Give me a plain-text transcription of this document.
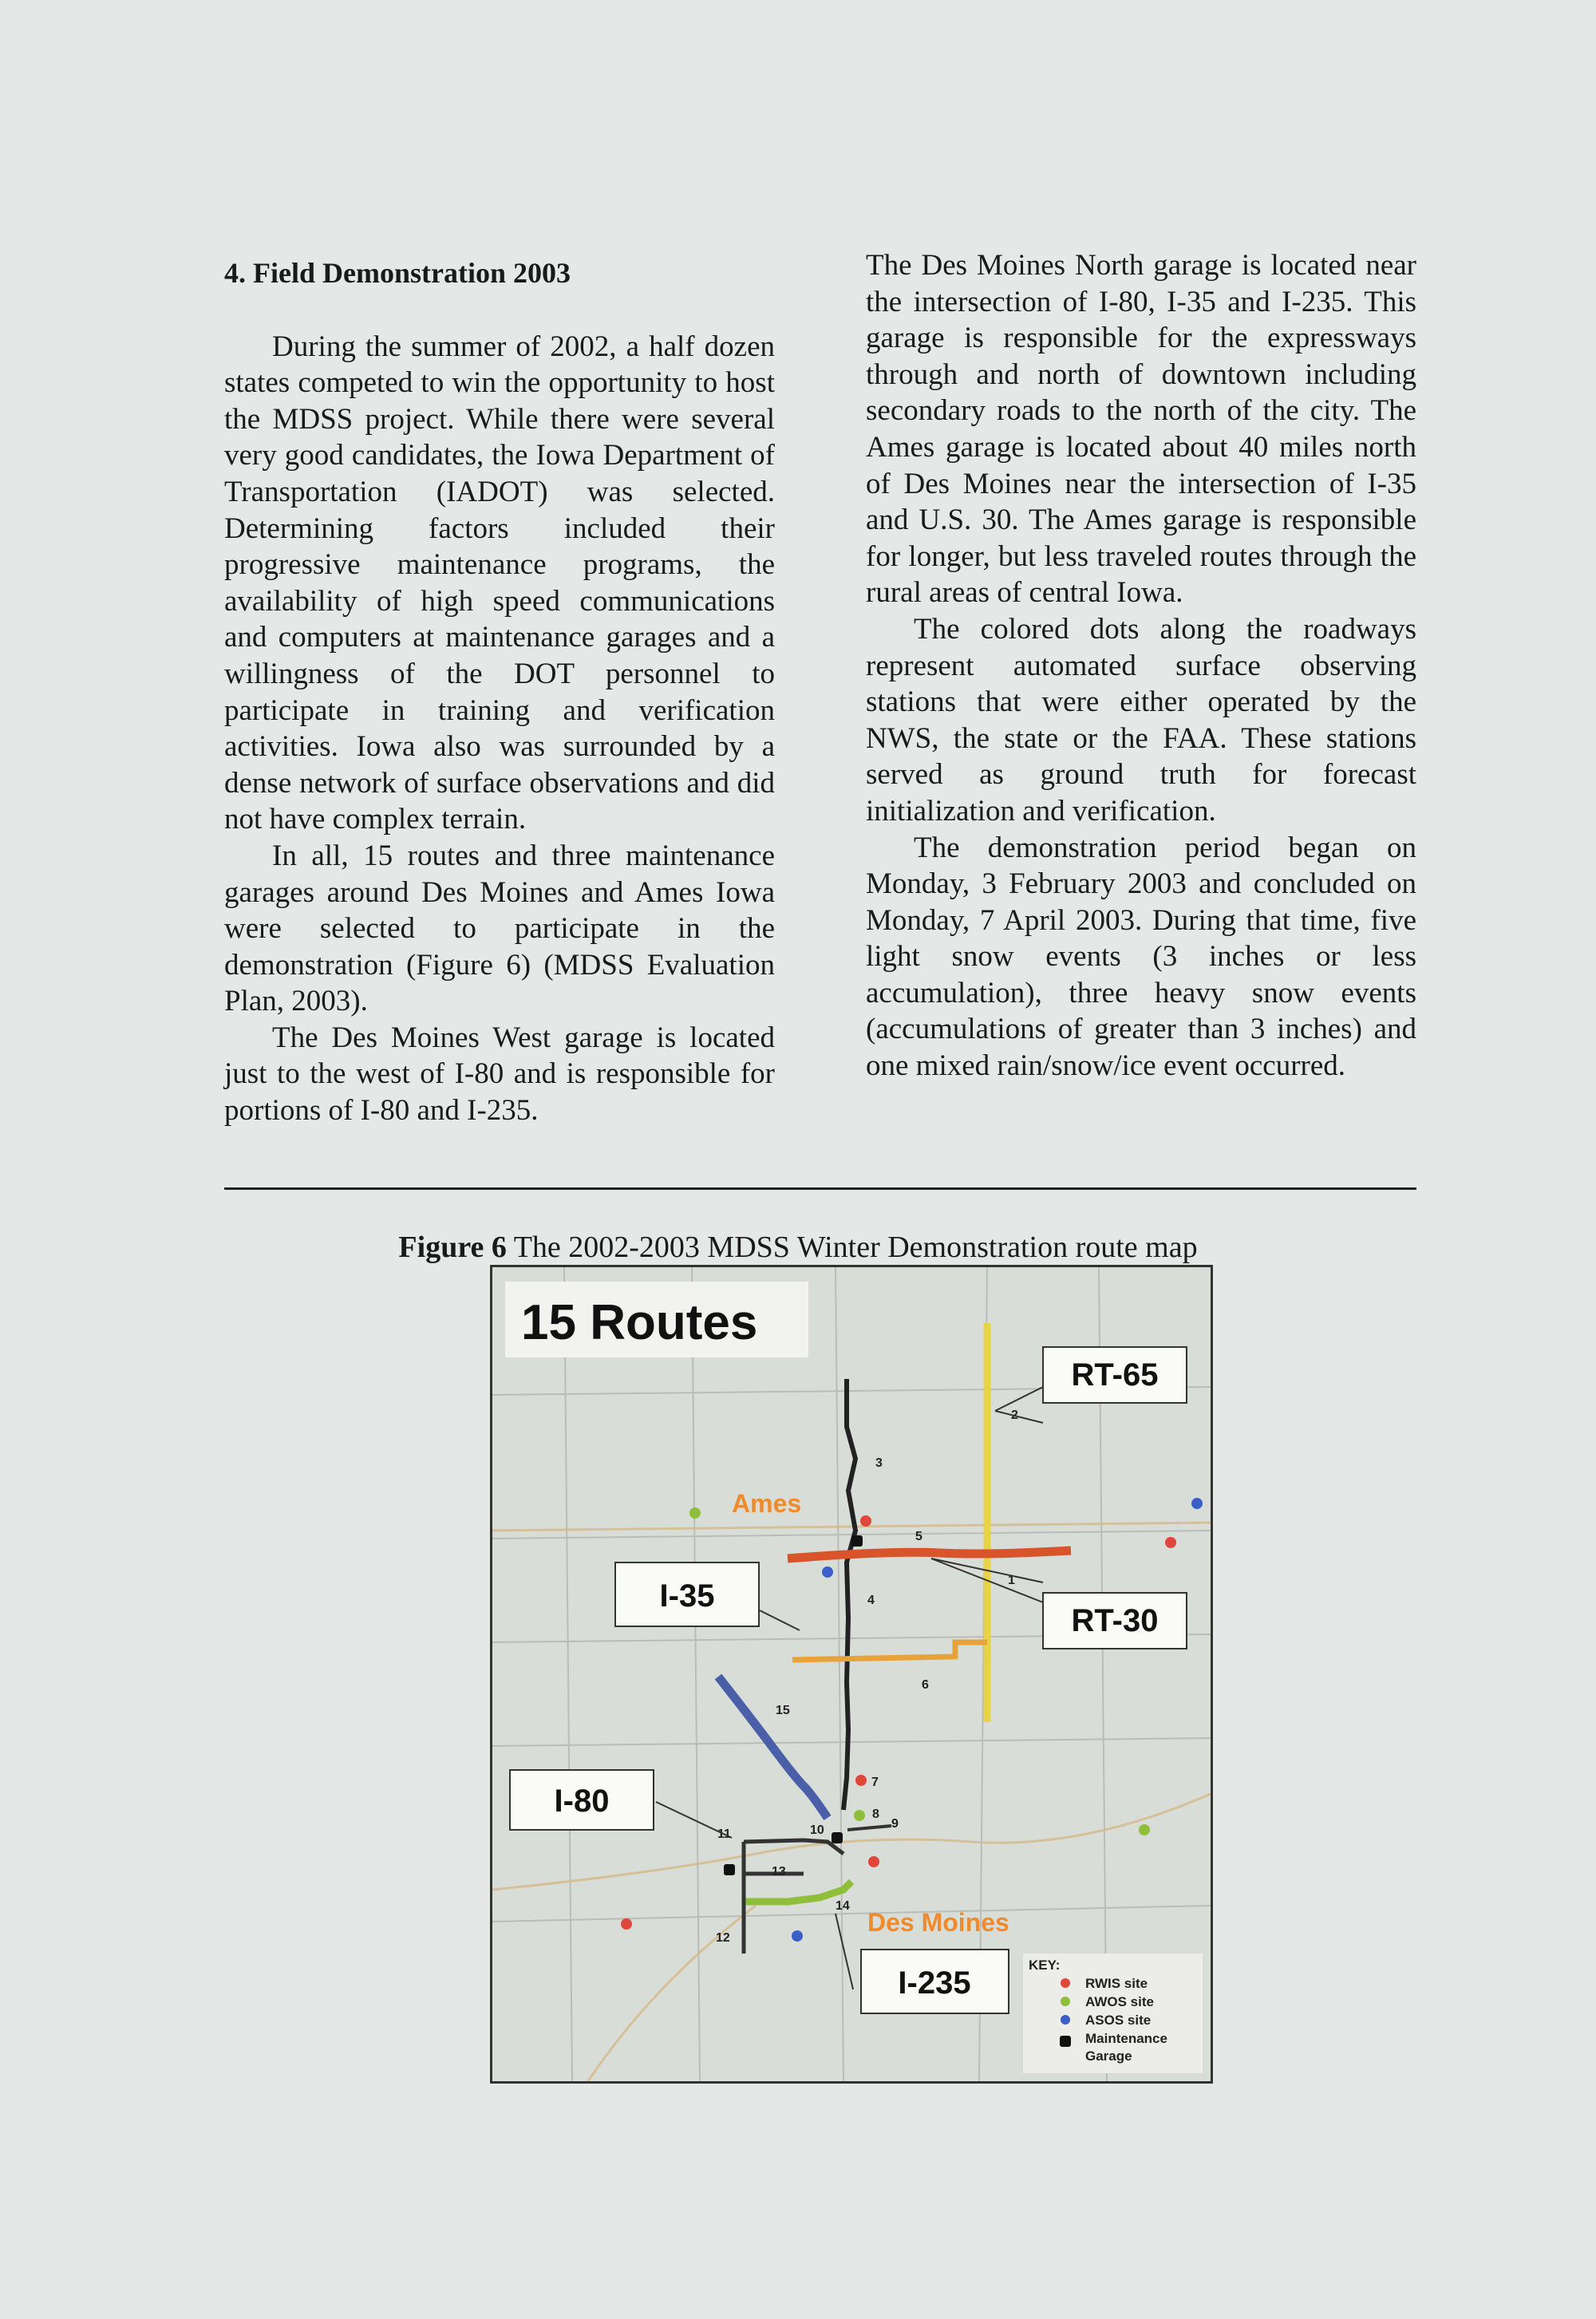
4. Field Demonstration 2003

During the summer of 2002, a half dozen states competed to win the opportunity to host the MDSS project. While there were several very good candidates, the Iowa Department of Transportation (IADOT) was selected. Determining factors included their progressive maintenance programs, the availability of high speed communications and computers at maintenance garages and a willingness of the DOT personnel to participate in training and verification activities. Iowa also was surrounded by a dense network of surface observations and did not have complex terrain.

In all, 15 routes and three maintenance garages around Des Moines and Ames Iowa were selected to participate in the demonstration (Figure 6) (MDSS Evaluation Plan, 2003).

The Des Moines West garage is located just to the west of I-80 and is responsible for portions of I-80 and I-235.

The Des Moines North garage is located near the intersection of I-80, I-35 and I-235. This garage is responsible for the expressways through and north of downtown including secondary roads to the north of the city. The Ames garage is located about 40 miles north of Des Moines near the intersection of I-35 and U.S. 30. The Ames garage is responsible for longer, but less traveled routes through the rural areas of central Iowa.

The colored dots along the roadways represent automated surface observing stations that were either operated by the NWS, the state or the FAA. These stations served as ground truth for forecast initialization and verification.

The demonstration period began on Monday, 3 February 2003 and concluded on Monday, 7 April 2003. During that time, five light snow events (3 inches or less accumulation), three heavy snow events (accumulations of greater than 3 inches) and one mixed rain/snow/ice event occurred.

Figure 6 The 2002-2003 MDSS Winter Demonstration route map
15 Routes
2
3
4
5
6
7
8
9
10
11
12
13
14
15
1
Ames
Des Moines
RT-65
RT-30
I-35
I-80
I-235
KEY:
RWIS site
AWOS site
ASOS site
Maintenance
Garage
